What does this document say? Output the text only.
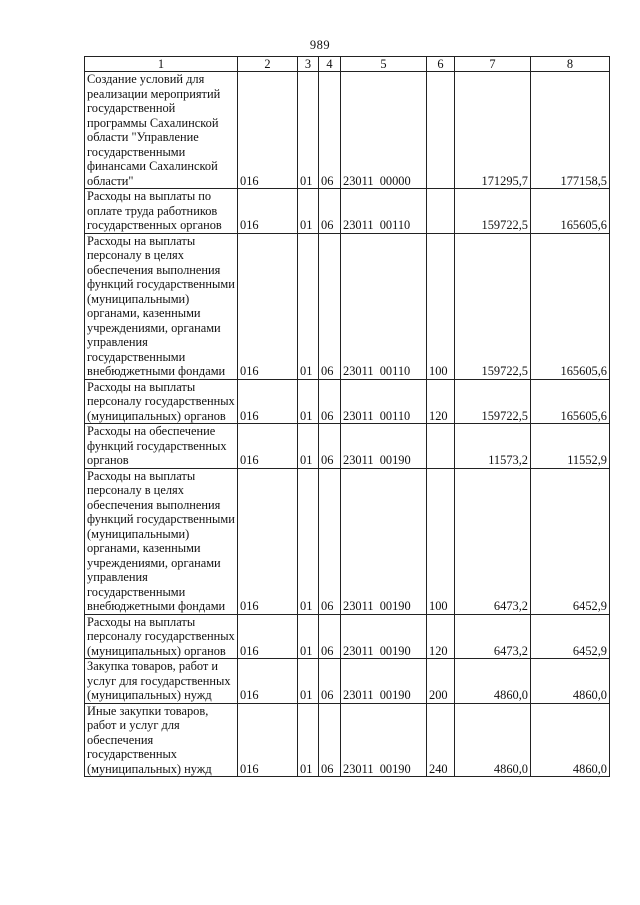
989
1	2	3	4	5	6	7	8
Создание условий для реализации мероприятий государственной программы Сахалинской области "Управление государственными финансами Сахалинской области"	016	01	06	23011  00000		171295,7	177158,5
Расходы на выплаты по оплате труда работников государственных органов	016	01	06	23011  00110		159722,5	165605,6
Расходы на выплаты персоналу в целях обеспечения выполнения функций государственными (муниципальными) органами, казенными учреждениями, органами управления государственными внебюджетными фондами	016	01	06	23011  00110	100	159722,5	165605,6
Расходы на выплаты персоналу государственных (муниципальных) органов	016	01	06	23011  00110	120	159722,5	165605,6
Расходы на обеспечение функций государственных органов	016	01	06	23011  00190		11573,2	11552,9
Расходы на выплаты персоналу в целях обеспечения выполнения функций государственными (муниципальными) органами, казенными учреждениями, органами управления государственными внебюджетными фондами	016	01	06	23011  00190	100	6473,2	6452,9
Расходы на выплаты персоналу государственных (муниципальных) органов	016	01	06	23011  00190	120	6473,2	6452,9
Закупка товаров, работ и услуг для государственных (муниципальных) нужд	016	01	06	23011  00190	200	4860,0	4860,0
Иные закупки товаров, работ и услуг для обеспечения государственных (муниципальных) нужд	016	01	06	23011  00190	240	4860,0	4860,0
